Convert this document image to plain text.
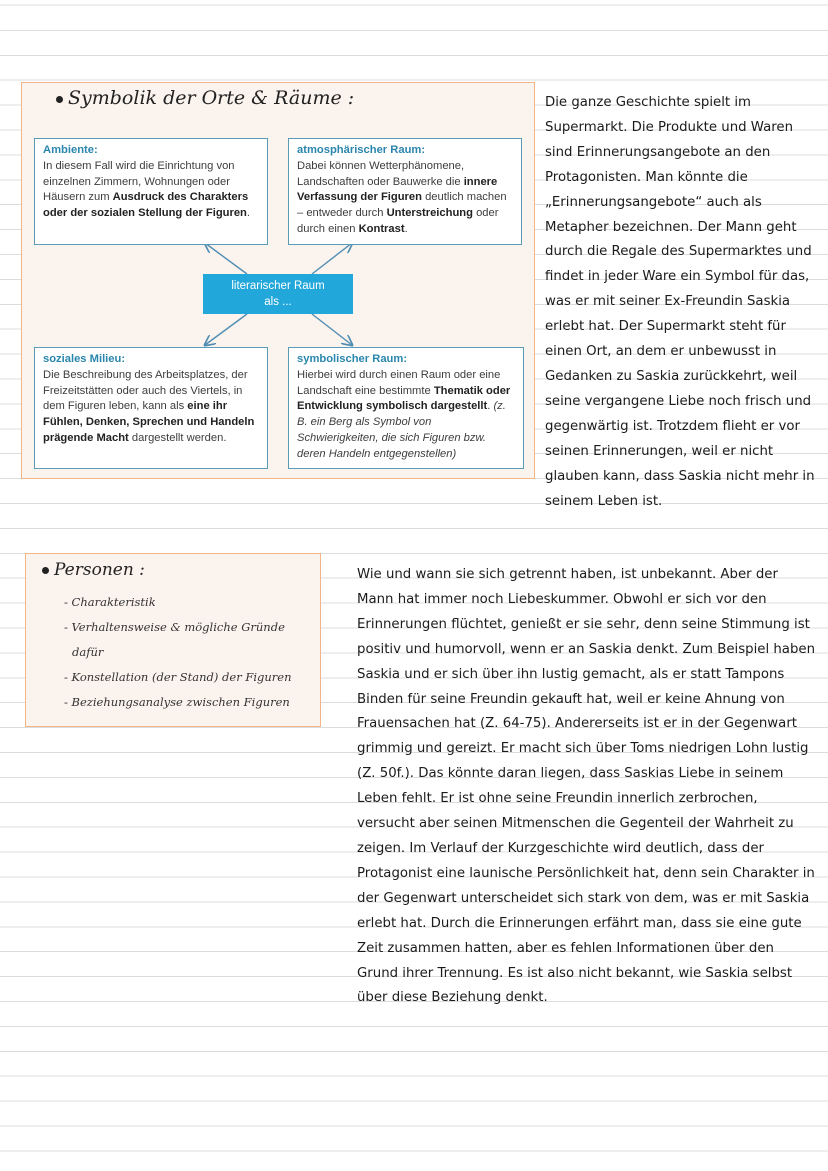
Symbolik der Orte & Räume :
Ambiente:
In diesem Fall wird die Einrichtung von einzelnen Zimmern, Wohnungen oder Häusern zum Ausdruck des Charakters oder der sozialen Stellung der Figuren.
atmosphärischer Raum:
Dabei können Wetterphänomene, Landschaften oder Bauwerke die innere Verfassung der Figuren deutlich machen – entweder durch Unterstreichung oder durch einen Kontrast.
literarischer Raum
als ...
soziales Milieu:
Die Beschreibung des Arbeitsplatzes, der Freizeitstätten oder auch des Viertels, in dem Figuren leben, kann als eine ihr Fühlen, Denken, Sprechen und Handeln prägende Macht dargestellt werden.
symbolischer Raum:
Hierbei wird durch einen Raum oder eine Landschaft eine bestimmte Thematik oder Entwicklung symbolisch dargestellt. (z. B. ein Berg als Symbol von Schwierigkeiten, die sich Figuren bzw. deren Handeln entgegenstellen)
Die ganze Geschichte spielt im Supermarkt. Die Produkte und Waren sind Erinnerungsangebote an den Protagonisten. Man könnte die „Erinnerungsangebote“ auch als Metapher bezeichnen. Der Mann geht durch die Regale des Supermarktes und findet in jeder Ware ein Symbol für das, was er mit seiner Ex-Freundin Saskia erlebt hat. Der Supermarkt steht für einen Ort, an dem er unbewusst in Gedanken zu Saskia zurückkehrt, weil seine vergangene Liebe noch frisch und gegenwärtig ist. Trotzdem flieht er vor seinen Erinnerungen, weil er nicht glauben kann, dass Saskia nicht mehr in seinem Leben ist.
Personen :
- Charakteristik
- Verhaltensweise & mögliche Gründe
dafür
- Konstellation (der Stand) der Figuren
- Beziehungsanalyse zwischen Figuren
Wie und wann sie sich getrennt haben, ist unbekannt. Aber der Mann hat immer noch Liebeskummer. Obwohl er sich vor den Erinnerungen flüchtet, genießt er sie sehr, denn seine Stimmung ist positiv und humorvoll, wenn er an Saskia denkt. Zum Beispiel haben Saskia und er sich über ihn lustig gemacht, als er statt Tampons Binden für seine Freundin gekauft hat, weil er keine Ahnung von Frauensachen hat (Z. 64-75). Andererseits ist er in der Gegenwart grimmig und gereizt. Er macht sich über Toms niedrigen Lohn lustig (Z. 50f.). Das könnte daran liegen, dass Saskias Liebe in seinem Leben fehlt. Er ist ohne seine Freundin innerlich zerbrochen, versucht aber seinen Mitmenschen die Gegenteil der Wahrheit zu zeigen. Im Verlauf der Kurzgeschichte wird deutlich, dass der Protagonist eine launische Persönlichkeit hat, denn sein Charakter in der Gegenwart unterscheidet sich stark von dem, was er mit Saskia erlebt hat. Durch die Erinnerungen erfährt man, dass sie eine gute Zeit zusammen hatten, aber es fehlen Informationen über den Grund ihrer Trennung. Es ist also nicht bekannt, wie Saskia selbst über diese Beziehung denkt.
